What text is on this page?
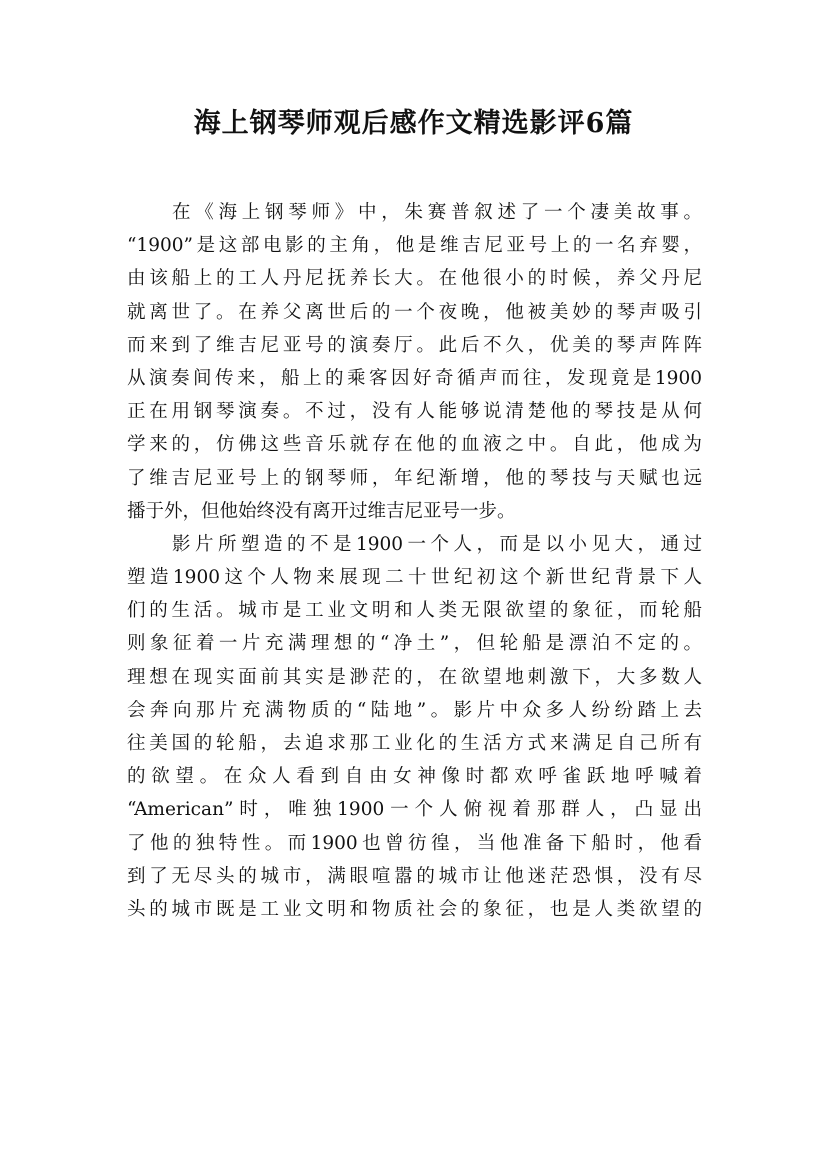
海上钢琴师观后感作文精选影评6篇
在《海上钢琴师》中，朱赛普叙述了一个凄美故事。
“1900”是这部电影的主角，他是维吉尼亚号上的一名弃婴，
由该船上的工人丹尼抚养长大。在他很小的时候，养父丹尼
就离世了。在养父离世后的一个夜晚，他被美妙的琴声吸引
而来到了维吉尼亚号的演奏厅。此后不久，优美的琴声阵阵
从演奏间传来，船上的乘客因好奇循声而往，发现竟是1900
正在用钢琴演奏。不过，没有人能够说清楚他的琴技是从何
学来的，仿佛这些音乐就存在他的血液之中。自此，他成为
了维吉尼亚号上的钢琴师，年纪渐增，他的琴技与天赋也远
播于外，但他始终没有离开过维吉尼亚号一步。
影片所塑造的不是1900一个人，而是以小见大，通过
塑造1900这个人物来展现二十世纪初这个新世纪背景下人
们的生活。城市是工业文明和人类无限欲望的象征，而轮船
则象征着一片充满理想的“净土”，但轮船是漂泊不定的。
理想在现实面前其实是渺茫的，在欲望地刺激下，大多数人
会奔向那片充满物质的“陆地”。影片中众多人纷纷踏上去
往美国的轮船，去追求那工业化的生活方式来满足自己所有
的欲望。在众人看到自由女神像时都欢呼雀跃地呼喊着
“American”时，唯独1900一个人俯视着那群人，凸显出
了他的独特性。而1900也曾彷徨，当他准备下船时，他看
到了无尽头的城市，满眼喧嚣的城市让他迷茫恐惧，没有尽
头的城市既是工业文明和物质社会的象征，也是人类欲望的
